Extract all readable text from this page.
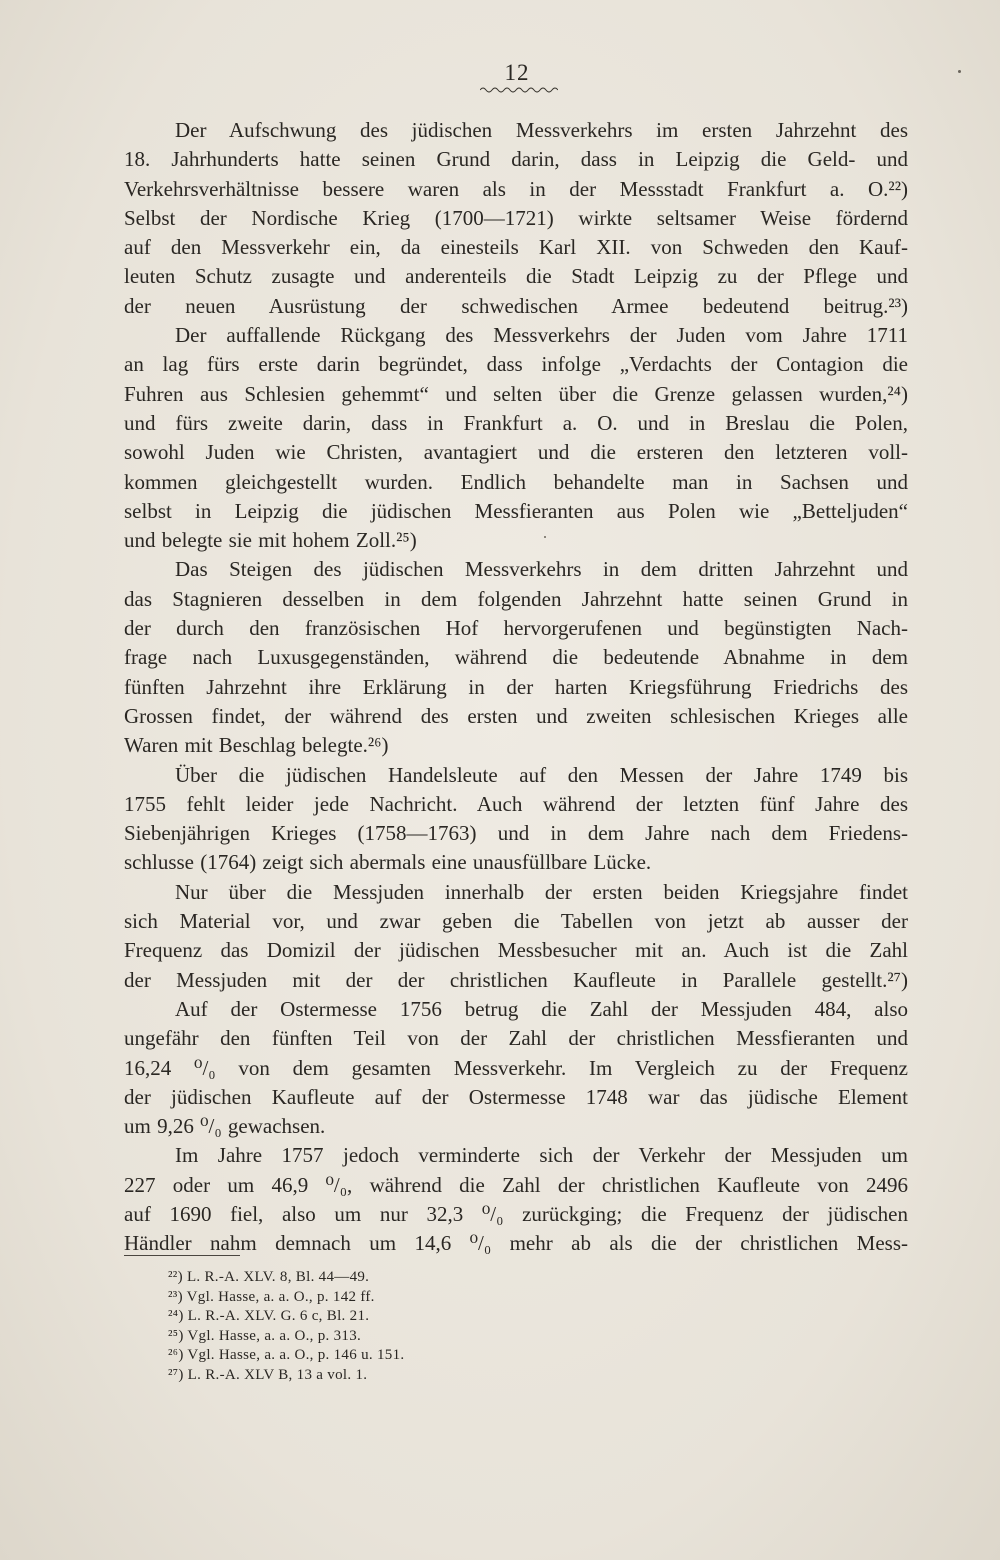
12
Der Aufschwung des jüdischen Messverkehrs im ersten Jahrzehnt des
18. Jahrhunderts hatte seinen Grund darin, dass in Leipzig die Geld- und
Verkehrsverhältnisse bessere waren als in der Messstadt Frankfurt a. O.²²)
Selbst der Nordische Krieg (1700—1721) wirkte seltsamer Weise fördernd
auf den Messverkehr ein, da einesteils Karl XII. von Schweden den Kauf-
leuten Schutz zusagte und anderenteils die Stadt Leipzig zu der Pflege und
der neuen Ausrüstung der schwedischen Armee bedeutend beitrug.²³)
Der auffallende Rückgang des Messverkehrs der Juden vom Jahre 1711
an lag fürs erste darin begründet, dass infolge „Verdachts der Contagion die
Fuhren aus Schlesien gehemmt“ und selten über die Grenze gelassen wurden,²⁴)
und fürs zweite darin, dass in Frankfurt a. O. und in Breslau die Polen,
sowohl Juden wie Christen, avantagiert und die ersteren den letzteren voll-
kommen gleichgestellt wurden. Endlich behandelte man in Sachsen und
selbst in Leipzig die jüdischen Messfieranten aus Polen wie „Betteljuden“
und belegte sie mit hohem Zoll.²⁵)
Das Steigen des jüdischen Messverkehrs in dem dritten Jahrzehnt und
das Stagnieren desselben in dem folgenden Jahrzehnt hatte seinen Grund in
der durch den französischen Hof hervorgerufenen und begünstigten Nach-
frage nach Luxusgegenständen, während die bedeutende Abnahme in dem
fünften Jahrzehnt ihre Erklärung in der harten Kriegsführung Friedrichs des
Grossen findet, der während des ersten und zweiten schlesischen Krieges alle
Waren mit Beschlag belegte.²⁶)
Über die jüdischen Handelsleute auf den Messen der Jahre 1749 bis
1755 fehlt leider jede Nachricht. Auch während der letzten fünf Jahre des
Siebenjährigen Krieges (1758—1763) und in dem Jahre nach dem Friedens-
schlusse (1764) zeigt sich abermals eine unausfüllbare Lücke.
Nur über die Messjuden innerhalb der ersten beiden Kriegsjahre findet
sich Material vor, und zwar geben die Tabellen von jetzt ab ausser der
Frequenz das Domizil der jüdischen Messbesucher mit an. Auch ist die Zahl
der Messjuden mit der der christlichen Kaufleute in Parallele gestellt.²⁷)
Auf der Ostermesse 1756 betrug die Zahl der Messjuden 484, also
ungefähr den fünften Teil von der Zahl der christlichen Messfieranten und
16,24 ⁰/₀ von dem gesamten Messverkehr. Im Vergleich zu der Frequenz
der jüdischen Kaufleute auf der Ostermesse 1748 war das jüdische Element
um 9,26 ⁰/₀ gewachsen.
Im Jahre 1757 jedoch verminderte sich der Verkehr der Messjuden um
227 oder um 46,9 ⁰/₀, während die Zahl der christlichen Kaufleute von 2496
auf 1690 fiel, also um nur 32,3 ⁰/₀ zurückging; die Frequenz der jüdischen
Händler nahm demnach um 14,6 ⁰/₀ mehr ab als die der christlichen Mess-
²²) L. R.-A. XLV. 8, Bl. 44—49.
²³) Vgl. Hasse, a. a. O., p. 142 ff.
²⁴) L. R.-A. XLV. G. 6 c, Bl. 21.
²⁵) Vgl. Hasse, a. a. O., p. 313.
²⁶) Vgl. Hasse, a. a. O., p. 146 u. 151.
²⁷) L. R.-A. XLV B, 13 a vol. 1.
